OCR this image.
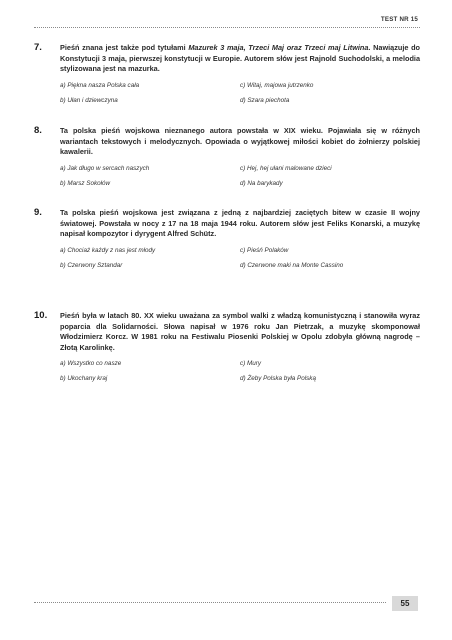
TEST NR 15
7. Pieśń znana jest także pod tytułami Mazurek 3 maja, Trzeci Maj oraz Trzeci maj Litwina. Nawiązuje do Konstytucji 3 maja, pierwszej konstytucji w Europie. Autorem słów jest Rajnold Suchodolski, a melodia stylizowana jest na mazurka.

a) Piękna nasza Polska cała	c) Witaj, majowa jutrzenko
b) Ułan i dziewczyna	d) Szara piechota
8. Ta polska pieśń wojskowa nieznanego autora powstała w XIX wieku. Pojawiała się w różnych wariantach tekstowych i melodycznych. Opowiada o wyjątkowej miłości kobiet do żołnierzy polskiej kawalerii.

a) Jak długo w sercach naszych	c) Hej, hej ułani malowane dzieci
b) Marsz Sokołów	d) Na barykady
9. Ta polska pieśń wojskowa jest związana z jedną z najbardziej zaciętych bitew w czasie II wojny światowej. Powstała w nocy z 17 na 18 maja 1944 roku. Autorem słów jest Feliks Konarski, a muzykę napisał kompozytor i dyrygent Alfred Schütz.

a) Chociaż każdy z nas jest młody	c) Pieśń Polaków
b) Czerwony Sztandar	d) Czerwone maki na Monte Cassino
10. Pieśń była w latach 80. XX wieku uważana za symbol walki z władzą komunistyczną i stanowiła wyraz poparcia dla Solidarności. Słowa napisał w 1976 roku Jan Pietrzak, a muzykę skomponował Włodzimierz Korcz. W 1981 roku na Festiwalu Piosenki Polskiej w Opolu zdobyła główną nagrodę – Złotą Karolinkę.

a) Wszystko co nasze	c) Mury
b) Ukochany kraj	d) Żeby Polska była Polską
55
